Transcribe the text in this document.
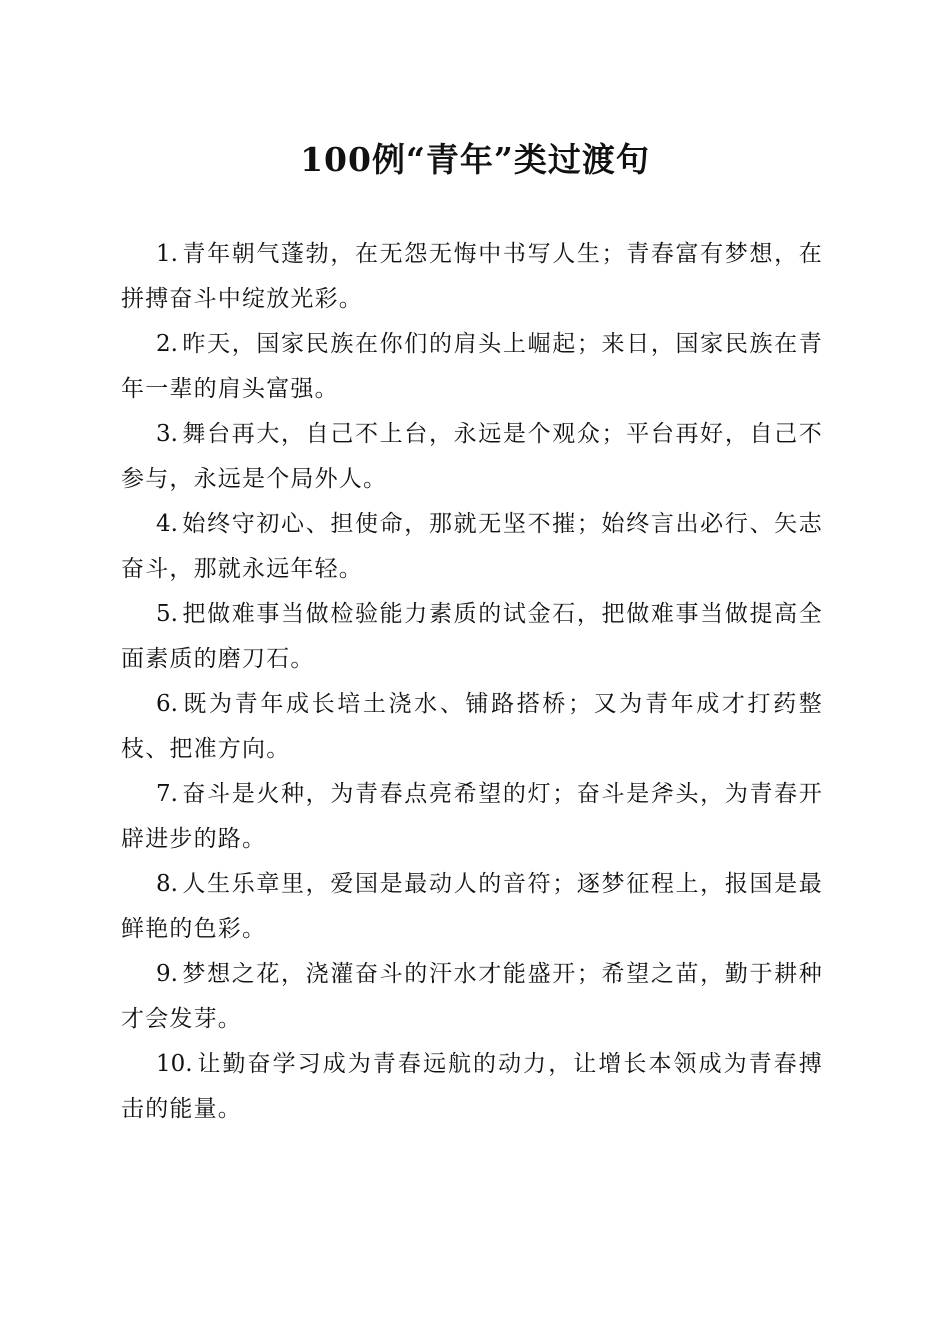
100例“青年”类过渡句

1. 青年朝气蓬勃，在无怨无悔中书写人生；青春富有梦想，在拼搏奋斗中绽放光彩。

2. 昨天，国家民族在你们的肩头上崛起；来日，国家民族在青年一辈的肩头富强。

3. 舞台再大，自己不上台，永远是个观众；平台再好，自己不参与，永远是个局外人。

4. 始终守初心、担使命，那就无坚不摧；始终言出必行、矢志奋斗，那就永远年轻。

5. 把做难事当做检验能力素质的试金石，把做难事当做提高全面素质的磨刀石。

6. 既为青年成长培土浇水、铺路搭桥；又为青年成才打药整枝、把准方向。

7. 奋斗是火种，为青春点亮希望的灯；奋斗是斧头，为青春开辟进步的路。

8. 人生乐章里，爱国是最动人的音符；逐梦征程上，报国是最鲜艳的色彩。

9. 梦想之花，浇灌奋斗的汗水才能盛开；希望之苗，勤于耕种才会发芽。

10. 让勤奋学习成为青春远航的动力，让增长本领成为青春搏击的能量。
